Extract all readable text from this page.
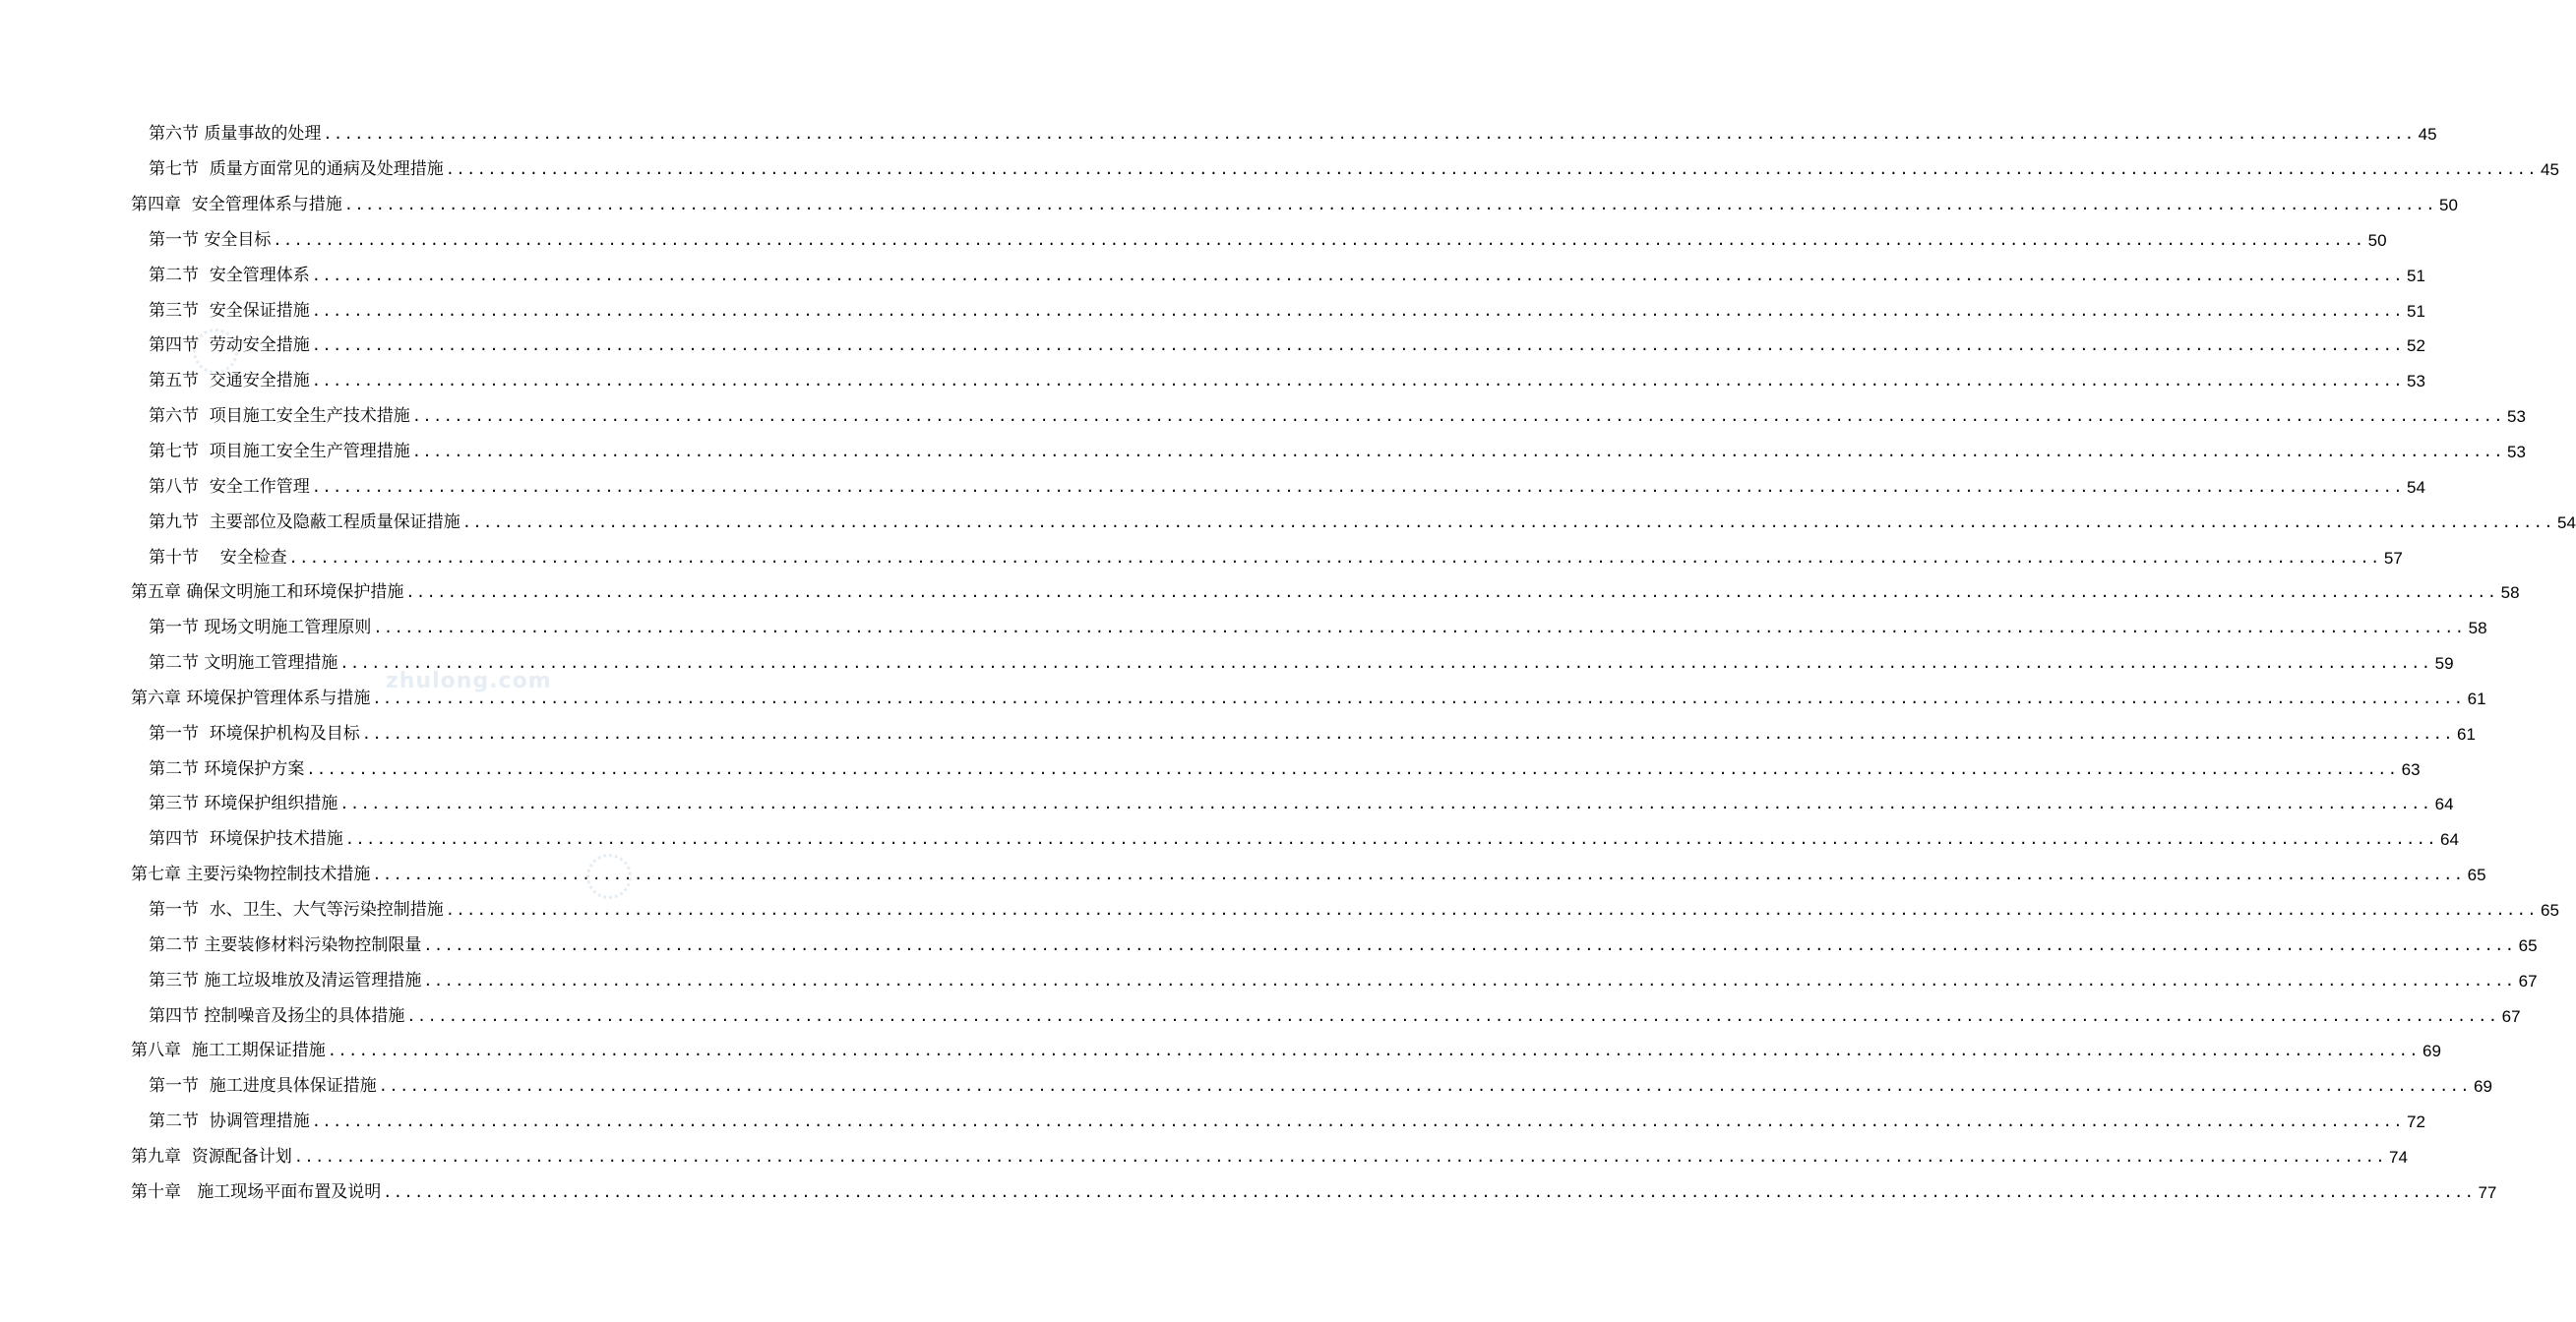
zhulong.com
第六节 质量事故的处理 ........................................................................................................................................................................................................ 45
第七节  质量方面常见的通病及处理措施 ........................................................................................................................................................................................................ 45
第四章  安全管理体系与措施 ........................................................................................................................................................................................................ 50
第一节 安全目标 ........................................................................................................................................................................................................ 50
第二节  安全管理体系 ........................................................................................................................................................................................................ 51
第三节  安全保证措施 ........................................................................................................................................................................................................ 51
第四节  劳动安全措施 ........................................................................................................................................................................................................ 52
第五节  交通安全措施 ........................................................................................................................................................................................................ 53
第六节  项目施工安全生产技术措施 ........................................................................................................................................................................................................ 53
第七节  项目施工安全生产管理措施 ........................................................................................................................................................................................................ 53
第八节  安全工作管理 ........................................................................................................................................................................................................ 54
第九节  主要部位及隐蔽工程质量保证措施 ........................................................................................................................................................................................................ 54
第十节    安全检查 ........................................................................................................................................................................................................ 57
第五章 确保文明施工和环境保护措施 ........................................................................................................................................................................................................ 58
第一节 现场文明施工管理原则 ........................................................................................................................................................................................................ 58
第二节 文明施工管理措施 ........................................................................................................................................................................................................ 59
第六章 环境保护管理体系与措施 ........................................................................................................................................................................................................ 61
第一节  环境保护机构及目标 ........................................................................................................................................................................................................ 61
第二节 环境保护方案 ........................................................................................................................................................................................................ 63
第三节 环境保护组织措施 ........................................................................................................................................................................................................ 64
第四节  环境保护技术措施 ........................................................................................................................................................................................................ 64
第七章 主要污染物控制技术措施 ........................................................................................................................................................................................................ 65
第一节  水、卫生、大气等污染控制措施 ........................................................................................................................................................................................................ 65
第二节 主要装修材料污染物控制限量 ........................................................................................................................................................................................................ 65
第三节 施工垃圾堆放及清运管理措施 ........................................................................................................................................................................................................ 67
第四节 控制噪音及扬尘的具体措施 ........................................................................................................................................................................................................ 67
第八章  施工工期保证措施 ........................................................................................................................................................................................................ 69
第一节  施工进度具体保证措施 ........................................................................................................................................................................................................ 69
第二节  协调管理措施 ........................................................................................................................................................................................................ 72
第九章  资源配备计划 ........................................................................................................................................................................................................ 74
第十章   施工现场平面布置及说明 ........................................................................................................................................................................................................ 77
